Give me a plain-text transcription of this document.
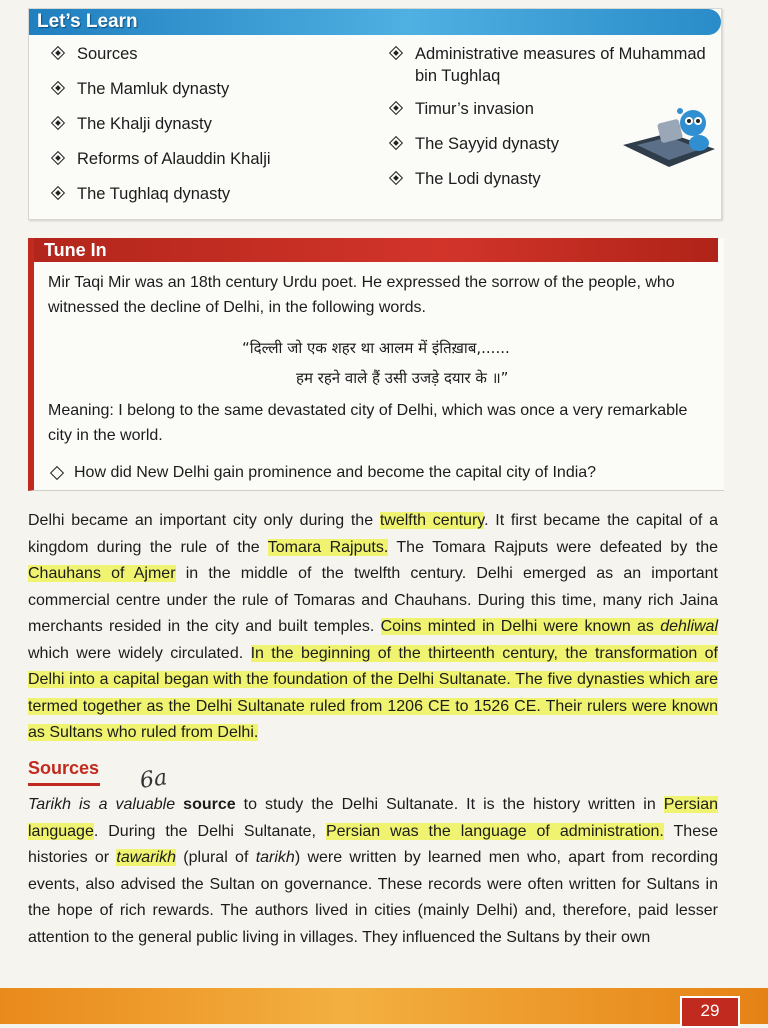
Let’s Learn
Sources
The Mamluk dynasty
The Khalji dynasty
Reforms of Alauddin Khalji
The Tughlaq dynasty
Administrative measures of Muhammad bin Tughlaq
Timur’s invasion
The Sayyid dynasty
The Lodi dynasty
Tune In
Mir Taqi Mir was an 18th century Urdu poet. He expressed the sorrow of the people, who witnessed the decline of Delhi, in the following words.
“दिल्ली जो एक शहर था आलम में इंतिख़ाब,......
हम रहने वाले हैं उसी उजड़े दयार के ॥”
Meaning: I belong to the same devastated city of Delhi, which was once a very remarkable city in the world.
How did New Delhi gain prominence and become the capital city of India?
Delhi became an important city only during the twelfth century. It first became the capital of a kingdom during the rule of the Tomara Rajputs. The Tomara Rajputs were defeated by the Chauhans of Ajmer in the middle of the twelfth century. Delhi emerged as an important commercial centre under the rule of Tomaras and Chauhans. During this time, many rich Jaina merchants resided in the city and built temples. Coins minted in Delhi were known as dehliwal which were widely circulated. In the beginning of the thirteenth century, the transformation of Delhi into a capital began with the foundation of the Delhi Sultanate. The five dynasties which are termed together as the Delhi Sultanate ruled from 1206 CE to 1526 CE. Their rulers were known as Sultans who ruled from Delhi.
Sources 6a
Tarikh is a valuable source to study the Delhi Sultanate. It is the history written in Persian language. During the Delhi Sultanate, Persian was the language of administration. These histories or tawarikh (plural of tarikh) were written by learned men who, apart from recording events, also advised the Sultan on governance. These records were often written for Sultans in the hope of rich rewards. The authors lived in cities (mainly Delhi) and, therefore, paid lesser attention to the general public living in villages. They influenced the Sultans by their own
29
